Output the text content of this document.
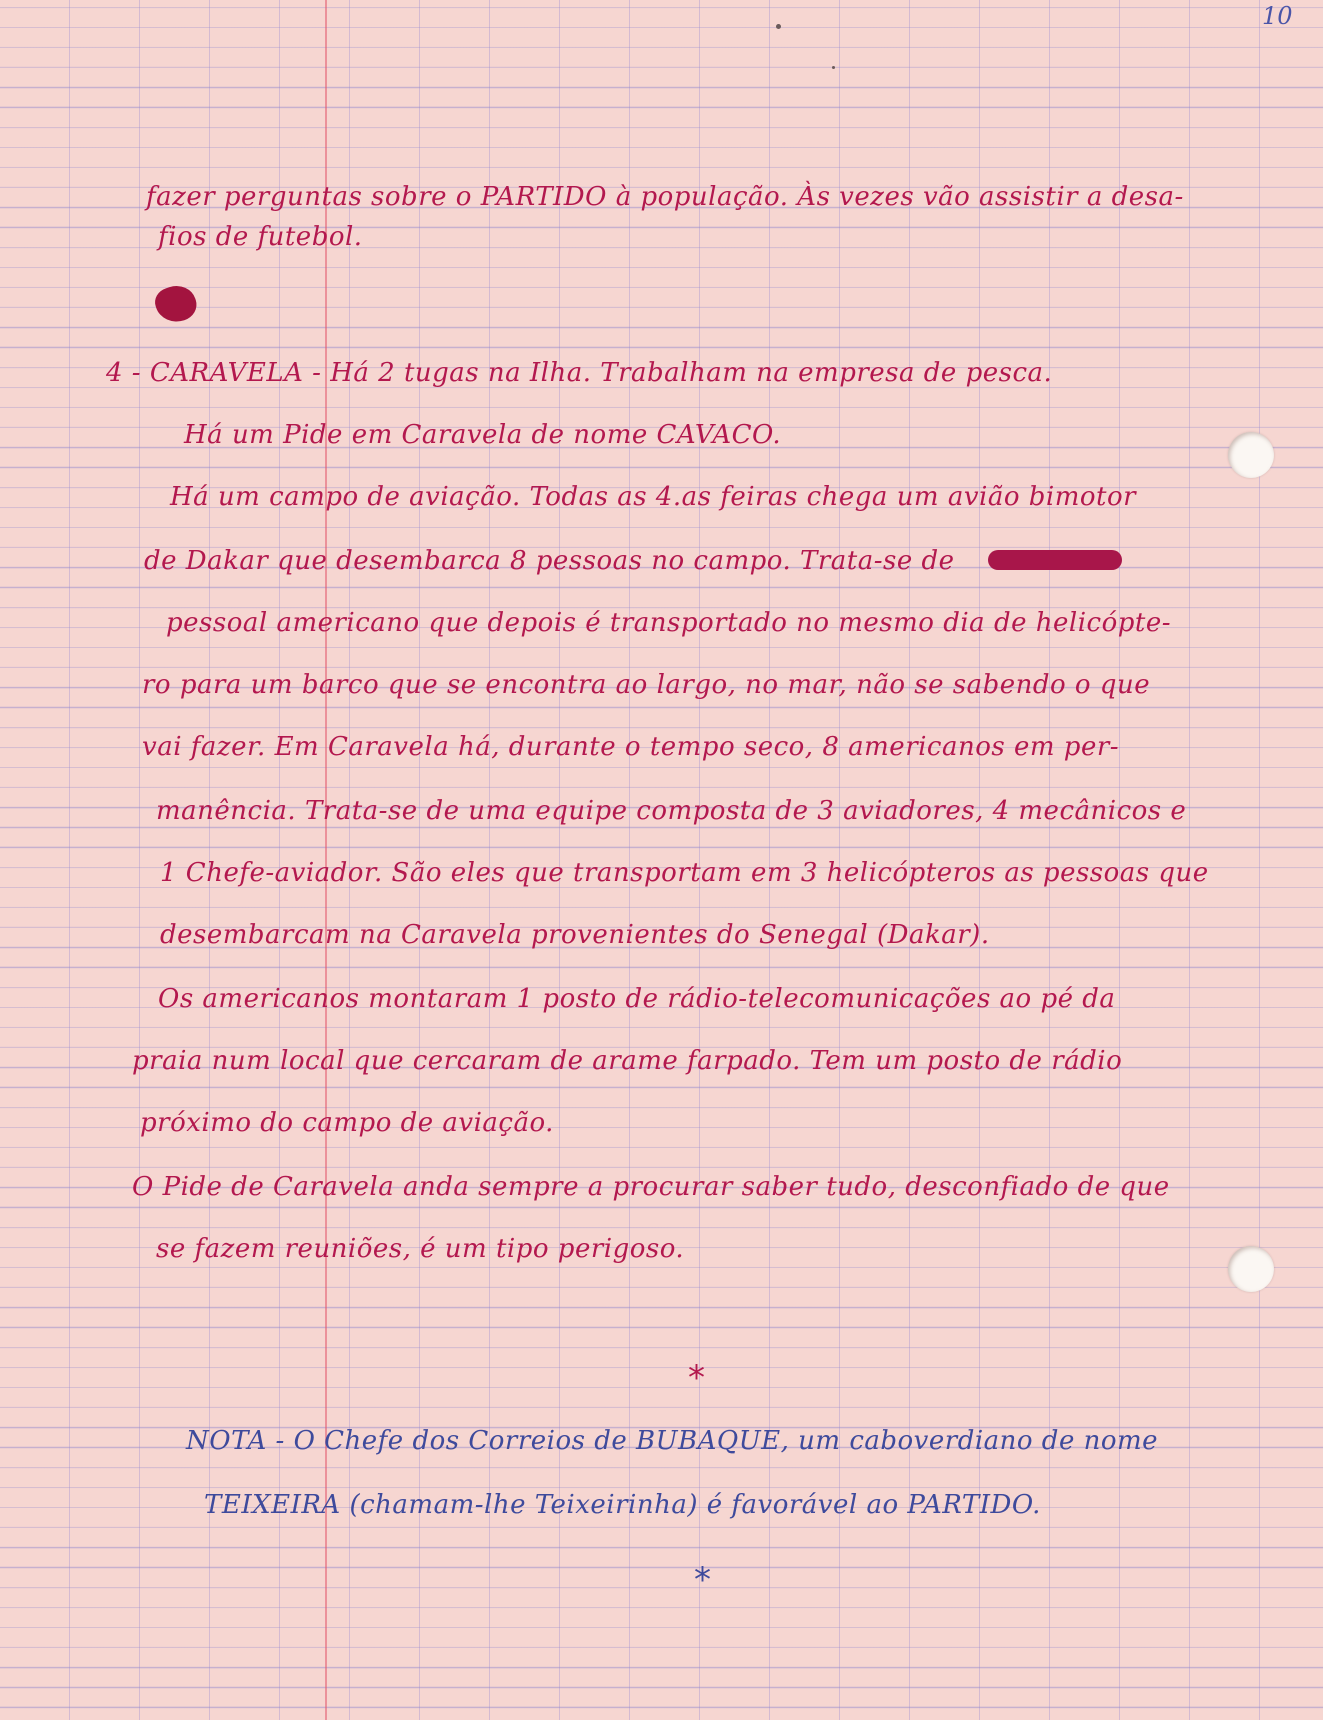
10
fazer perguntas sobre o PARTIDO à população. Às vezes vão assistir a desa-
fios de futebol.
4 - CARAVELA - Há 2 tugas na Ilha. Trabalham na empresa de pesca.
Há um Pide em Caravela de nome CAVACO.
Há um campo de aviação. Todas as 4.as feiras chega um avião bimotor
de Dakar que desembarca 8 pessoas no campo. Trata-se de
pessoal americano que depois é transportado no mesmo dia de helicópte-
ro para um barco que se encontra ao largo, no mar, não se sabendo o que
vai fazer. Em Caravela há, durante o tempo seco, 8 americanos em per-
manência. Trata-se de uma equipe composta de 3 aviadores, 4 mecânicos e
1 Chefe-aviador. São eles que transportam em 3 helicópteros as pessoas que
desembarcam na Caravela provenientes do Senegal (Dakar).
Os americanos montaram 1 posto de rádio-telecomunicações ao pé da
praia num local que cercaram de arame farpado. Tem um posto de rádio
próximo do campo de aviação.
O Pide de Caravela anda sempre a procurar saber tudo, desconfiado de que
se fazem reuniões, é um tipo perigoso.
*
NOTA - O Chefe dos Correios de BUBAQUE, um caboverdiano de nome
TEIXEIRA (chamam-lhe Teixeirinha) é favorável ao PARTIDO.
*
